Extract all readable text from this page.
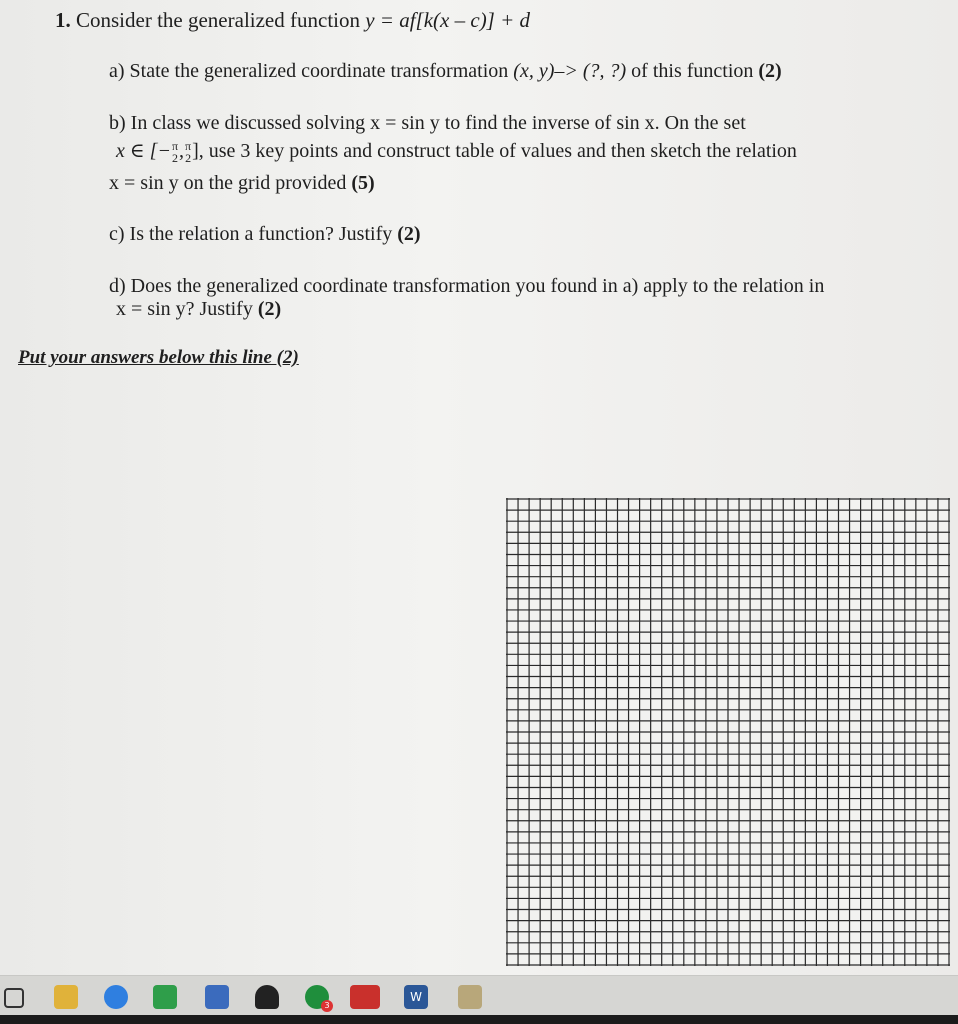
1. Consider the generalized function y = af[k(x – c)] + d
a) State the generalized coordinate transformation (x, y)–> (?, ?) of this function (2)
b) In class we discussed solving x = sin y to find the inverse of sin x. On the set
x ∈ [− π
2 , π
2 ], use 3 key points and construct table of values and then sketch the relation
x = sin y on the grid provided (5)
c) Is the relation a function? Justify (2)
d) Does the generalized coordinate transformation you found in a) apply to the relation in
x = sin y? Justify (2)
Put your answers below this line (2)
3
W
